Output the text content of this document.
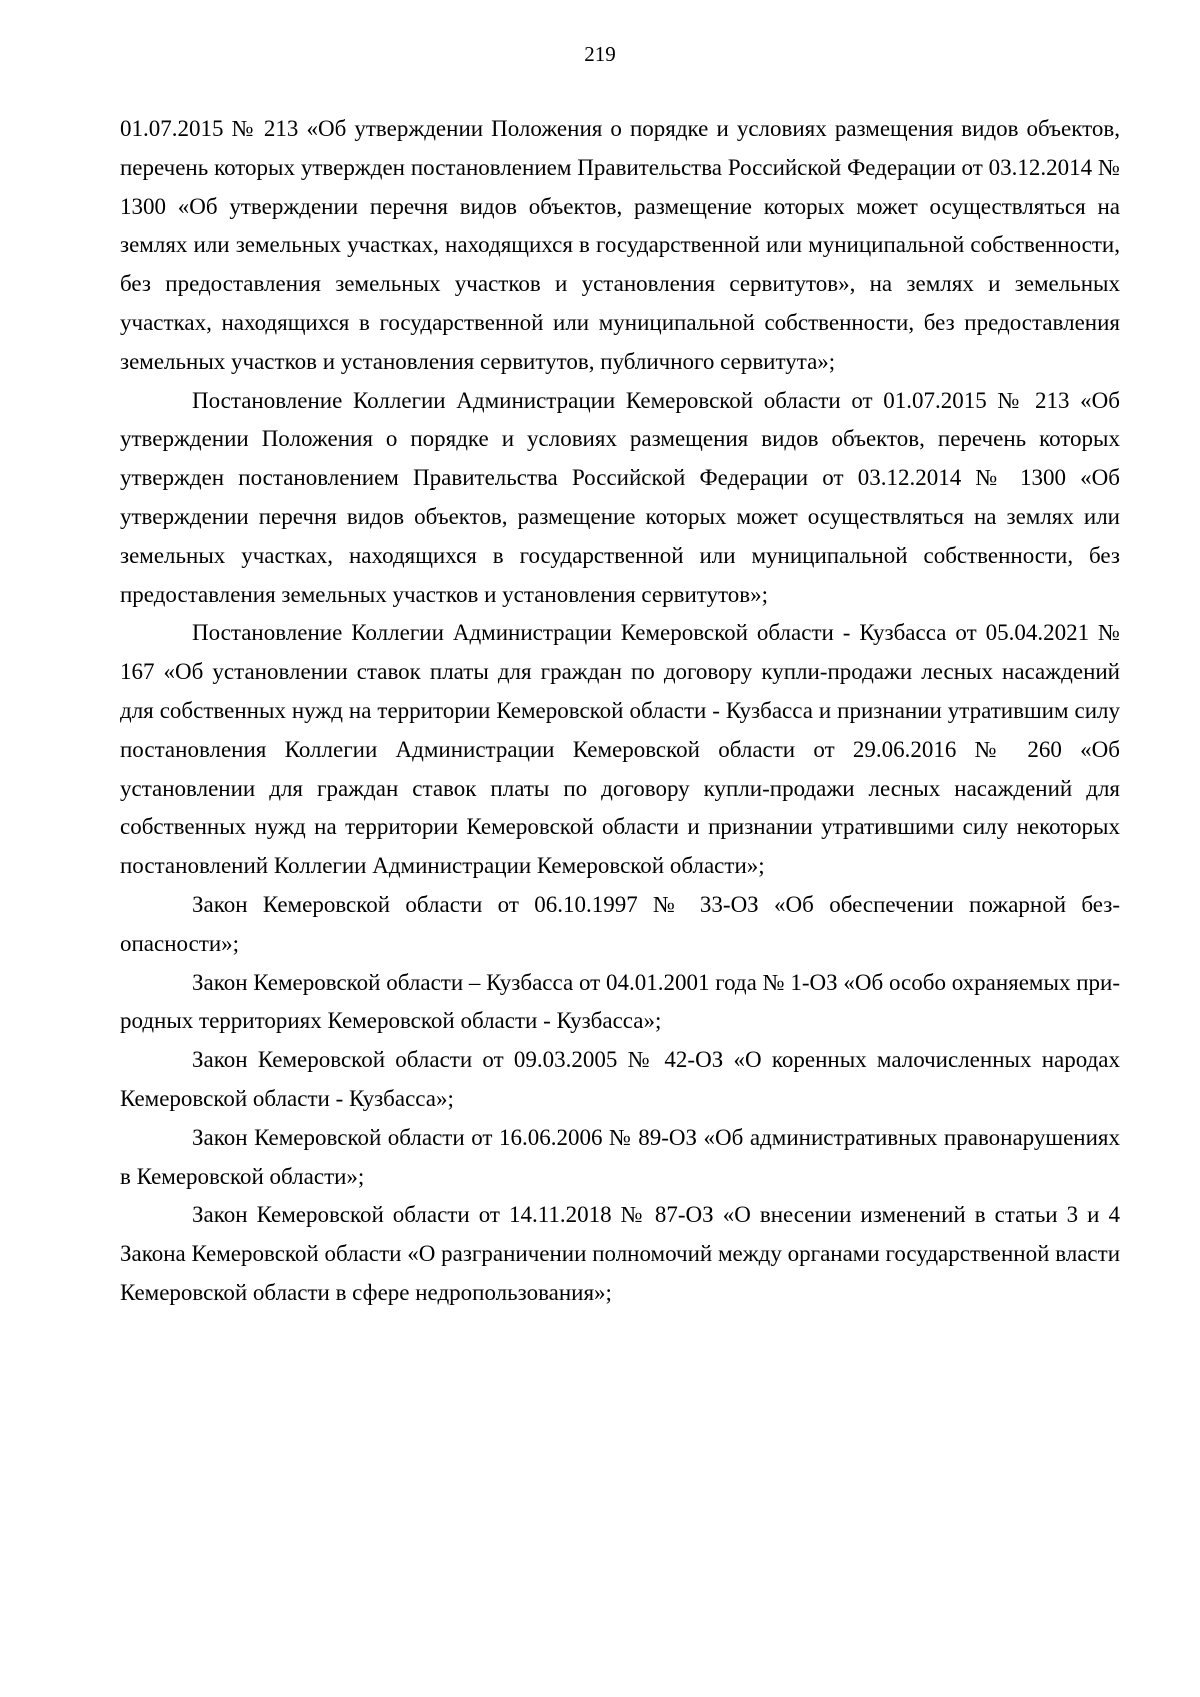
219

01.07.2015 № 213 «Об утверждении Положения о порядке и условиях размещения видов объектов, перечень которых утвержден постановлением Правительства Российской Федерации от 03.12.2014 № 1300 «Об утверждении перечня видов объектов, размещение которых может осуществляться на землях или земельных участках, находящихся в государственной или муниципальной собственности, без предоставления земельных участков и установления сервитутов», на землях и земельных участках, находящихся в государственной или муниципальной собственности, без предоставления земельных участков и установления сервитутов, публичного сервитута»;

Постановление Коллегии Администрации Кемеровской области от 01.07.2015 № 213 «Об утверждении Положения о порядке и условиях размещения видов объектов, перечень которых утвержден постановлением Правительства Российской Федерации от 03.12.2014 № 1300 «Об утверждении перечня видов объектов, размещение которых может осуществляться на землях или земельных участках, находящихся в государственной или муниципальной собственности, без предоставления земельных участков и установления сервитутов»;

Постановление Коллегии Администрации Кемеровской области - Кузбасса от 05.04.2021 № 167 «Об установлении ставок платы для граждан по договору купли-продажи лесных насаждений для собственных нужд на территории Кемеровской области - Кузбасса и признании утратившим силу постановления Коллегии Администрации Кемеровской области от 29.06.2016 № 260 «Об установлении для граждан ставок платы по договору купли-продажи лесных насаждений для собственных нужд на территории Кемеровской области и признании утратившими силу некоторых постановлений Коллегии Администрации Кемеровской области»;

Закон Кемеровской области от 06.10.1997 № 33-ОЗ «Об обеспечении пожарной безопасности»;

Закон Кемеровской области – Кузбасса от 04.01.2001 года № 1-ОЗ «Об особо охраняемых при-родных территориях Кемеровской области - Кузбасса»;

Закон Кемеровской области от 09.03.2005 № 42-ОЗ «О коренных малочисленных народах Кемеровской области - Кузбасса»;

Закон Кемеровской области от 16.06.2006 № 89-ОЗ «Об административных правонарушениях в Кемеровской области»;

Закон Кемеровской области от 14.11.2018 № 87-ОЗ «О внесении изменений в статьи 3 и 4 Закона Кемеровской области «О разграничении полномочий между органами государственной власти Кемеровской области в сфере недропользования»;
